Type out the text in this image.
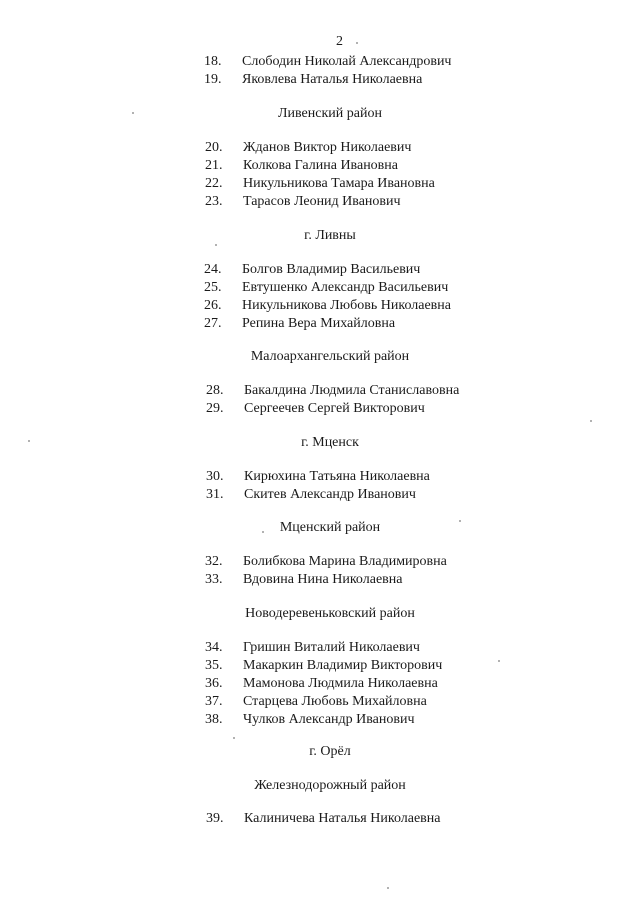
2
18. Слободин Николай Александрович
19. Яковлева Наталья Николаевна
Ливенский район
20. Жданов Виктор Николаевич
21. Колкова Галина Ивановна
22. Никульникова Тамара Ивановна
23. Тарасов Леонид Иванович
г. Ливны
24. Болгов Владимир Васильевич
25. Евтушенко Александр Васильевич
26. Никульникова Любовь Николаевна
27. Репина Вера Михайловна
Малоархангельский район
28. Бакалдина Людмила Станиславовна
29. Сергеечев Сергей Викторович
г. Мценск
30. Кирюхина Татьяна Николаевна
31. Скитев Александр Иванович
Мценский район
32. Болибкова Марина Владимировна
33. Вдовина Нина Николаевна
Новодеревеньковский район
34. Гришин Виталий Николаевич
35. Макаркин Владимир Викторович
36. Мамонова Людмила Николаевна
37. Старцева Любовь Михайловна
38. Чулков Александр Иванович
г. Орёл
Железнодорожный район
39. Калиничева Наталья Николаевна
